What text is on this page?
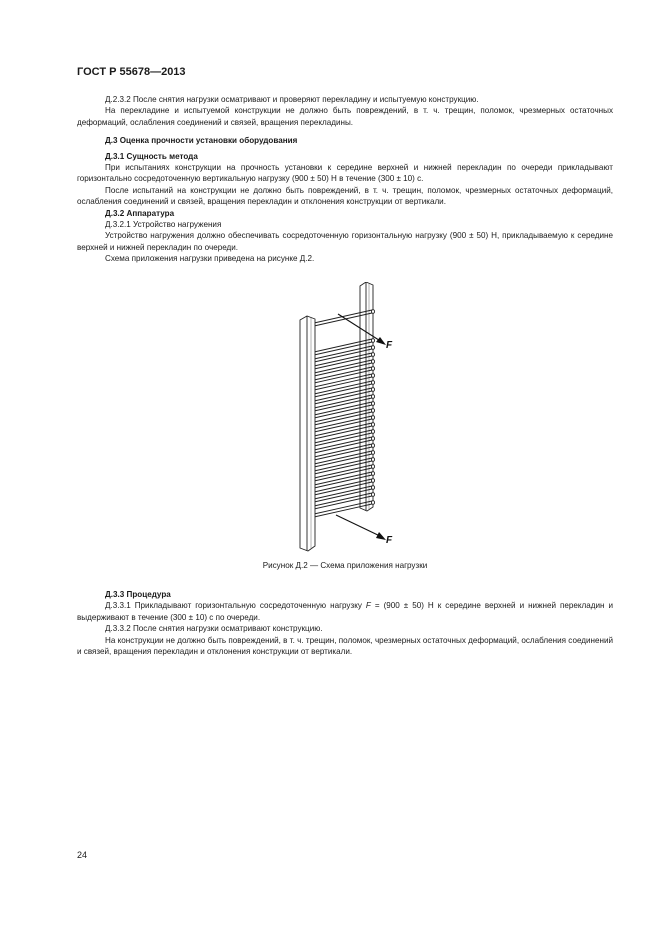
ГОСТ Р 55678—2013

Д.2.3.2 После снятия нагрузки осматривают и проверяют перекладину и испытуемую конструкцию.

На перекладине и испытуемой конструкции не должно быть повреждений, в т. ч. трещин, поломок, чрезмерных остаточных деформаций, ослабления соединений и связей, вращения перекладины.

Д.3 Оценка прочности установки оборудования

Д.3.1 Сущность метода

При испытаниях конструкции на прочность установки к середине верхней и нижней перекладин по очереди прикладывают горизонтально сосредоточенную вертикальную нагрузку (900 ± 50) Н в течение (300 ± 10) с.

После испытаний на конструкции не должно быть повреждений, в т. ч. трещин, поломок, чрезмерных остаточных деформаций, ослабления соединений и связей, вращения перекладин и отклонения конструкции от вертикали.

Д.3.2 Аппаратура

Д.3.2.1 Устройство нагружения

Устройство нагружения должно обеспечивать сосредоточенную горизонтальную нагрузку (900 ± 50) Н, прикладываемую к середине верхней и нижней перекладин по очереди.

Схема приложения нагрузки приведена на рисунке Д.2.

F
F
Рисунок Д.2 — Схема приложения нагрузки

Д.3.3 Процедура

Д.3.3.1 Прикладывают горизонтальную сосредоточенную нагрузку F = (900 ± 50) Н к середине верхней и нижней перекладин и выдерживают в течение (300 ± 10) с по очереди.

Д.3.3.2 После снятия нагрузки осматривают конструкцию.

На конструкции не должно быть повреждений, в т. ч. трещин, поломок, чрезмерных остаточных деформаций, ослабления соединений и связей, вращения перекладин и отклонения конструкции от вертикали.

24
